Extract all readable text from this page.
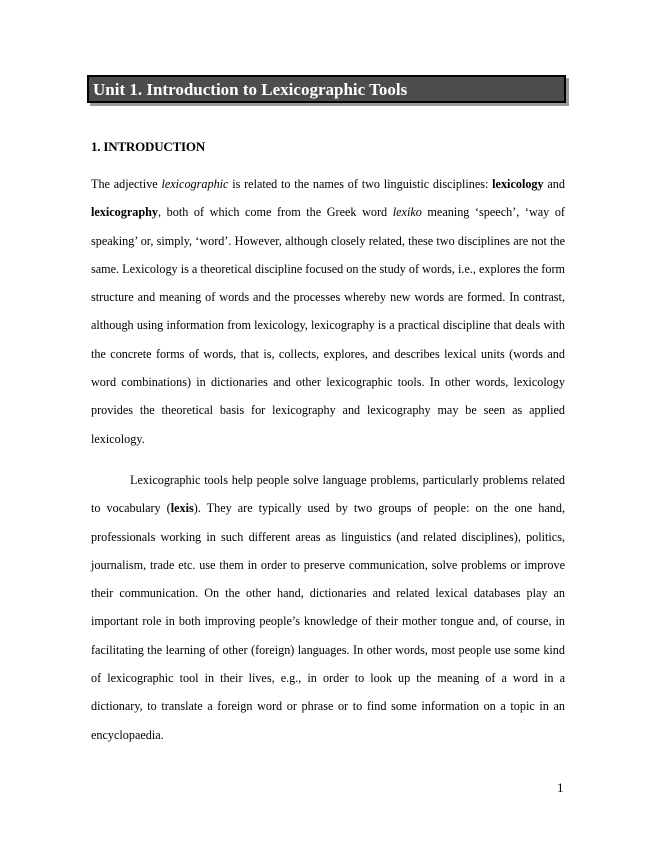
Unit 1. Introduction to Lexicographic Tools
1. INTRODUCTION

The adjective lexicographic is related to the names of two linguistic disciplines: lexicology and lexicography, both of which come from the Greek word lexiko meaning ‘speech’, ‘way of speaking’ or, simply, ‘word’. However, although closely related, these two disciplines are not the same. Lexicology is a theoretical discipline focused on the study of words, i.e., explores the form structure and meaning of words and the processes whereby new words are formed. In contrast, although using information from lexicology, lexicography is a practical discipline that deals with the concrete forms of words, that is, collects, explores, and describes lexical units (words and word combinations) in dictionaries and other lexicographic tools. In other words, lexicology provides the theoretical basis for lexicography and lexicography may be seen as applied lexicology.

Lexicographic tools help people solve language problems, particularly problems related to vocabulary (lexis). They are typically used by two groups of people: on the one hand, professionals working in such different areas as linguistics (and related disciplines), politics, journalism, trade etc. use them in order to preserve communication, solve problems or improve their communication. On the other hand, dictionaries and related lexical databases play an important role in both improving people’s knowledge of their mother tongue and, of course, in facilitating the learning of other (foreign) languages. In other words, most people use some kind of lexicographic tool in their lives, e.g., in order to look up the meaning of a word in a dictionary, to translate a foreign word or phrase or to find some information on a topic in an encyclopaedia.

1
